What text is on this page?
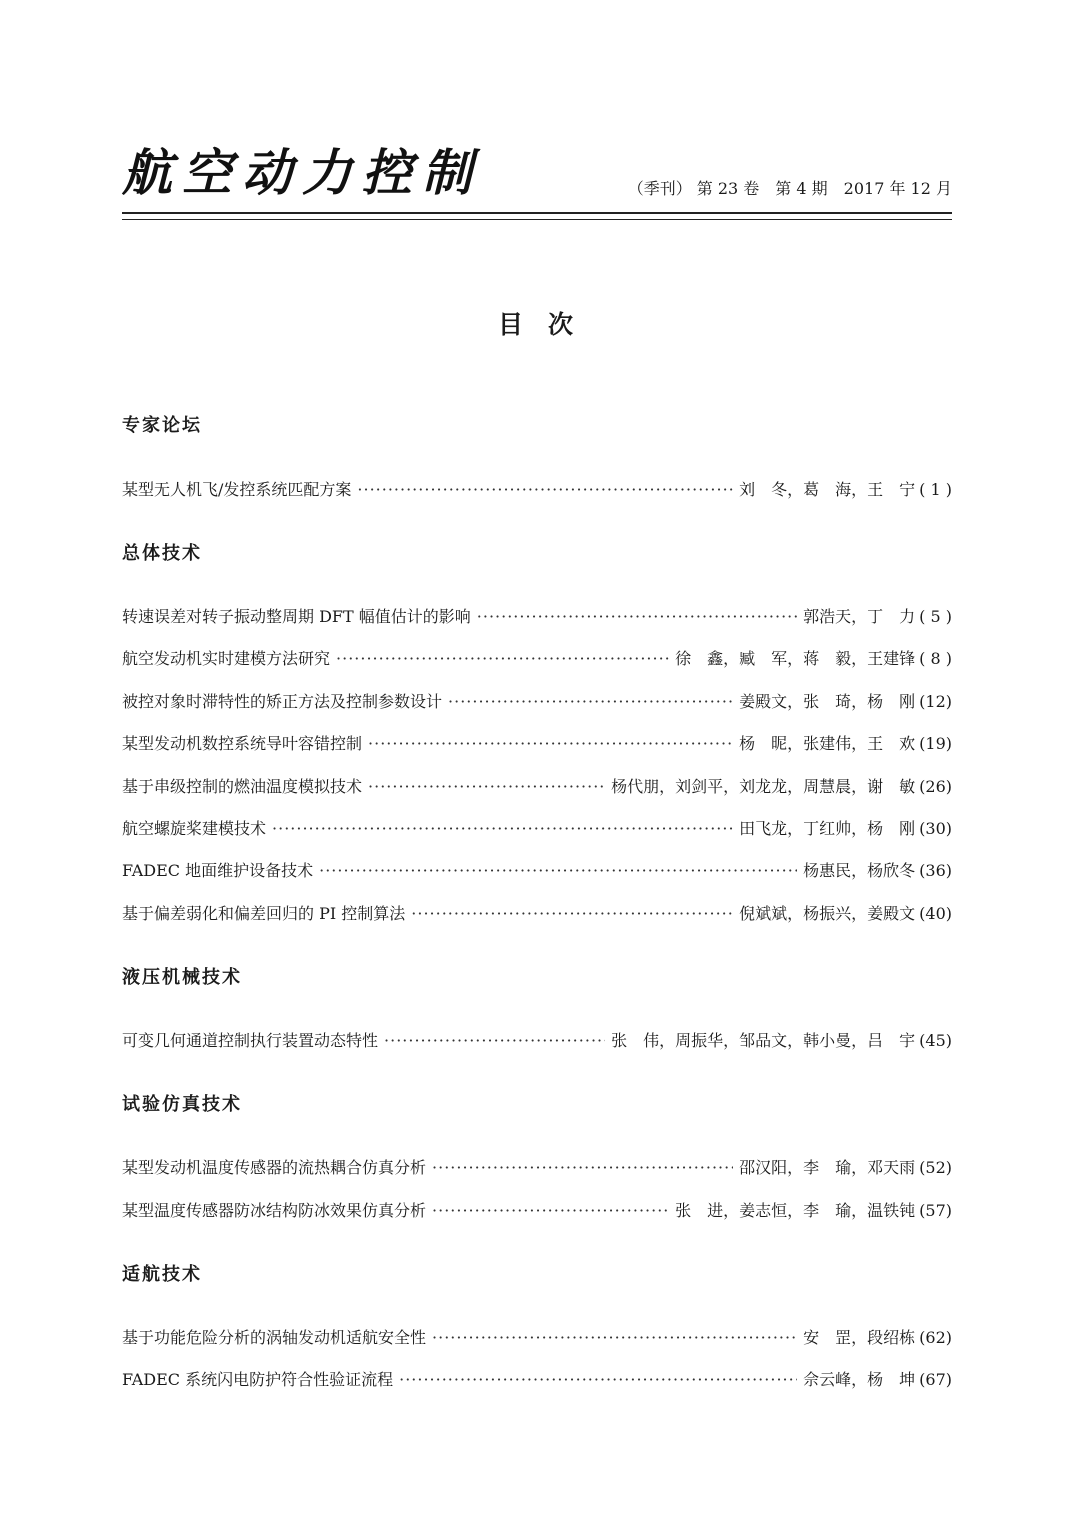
航空动力控制	（季刊） 第 23 卷　第 4 期　2017 年 12 月
目　次
专家论坛
某型无人机飞/发控系统匹配方案 ·····	刘　冬，葛　海，王　宁 ( 1 )
总体技术
转速误差对转子振动整周期 DFT 幅值估计的影响 ·····	郭浩天，丁　力 ( 5 )
航空发动机实时建模方法研究 ·····	徐　鑫，臧　军，蒋　毅，王建锋 ( 8 )
被控对象时滞特性的矫正方法及控制参数设计 ·····	姜殿文，张　琦，杨　刚 (12)
某型发动机数控系统导叶容错控制 ·····	杨　昵，张建伟，王　欢 (19)
基于串级控制的燃油温度模拟技术 ·····	杨代朋，刘剑平，刘龙龙，周慧晨，谢　敏 (26)
航空螺旋桨建模技术 ·····	田飞龙，丁红帅，杨　刚 (30)
FADEC 地面维护设备技术 ·····	杨惠民，杨欣冬 (36)
基于偏差弱化和偏差回归的 PI 控制算法 ·····	倪斌斌，杨振兴，姜殿文 (40)
液压机械技术
可变几何通道控制执行装置动态特性 ·····	张　伟，周振华，邹品文，韩小曼，吕　宇 (45)
试验仿真技术
某型发动机温度传感器的流热耦合仿真分析 ·····	邵汉阳，李　瑜，邓天雨 (52)
某型温度传感器防冰结构防冰效果仿真分析 ·····	张　进，姜志恒，李　瑜，温铁钝 (57)
适航技术
基于功能危险分析的涡轴发动机适航安全性 ·····	安　罡，段绍栋 (62)
FADEC 系统闪电防护符合性验证流程 ·····	佘云峰，杨　坤 (67)
